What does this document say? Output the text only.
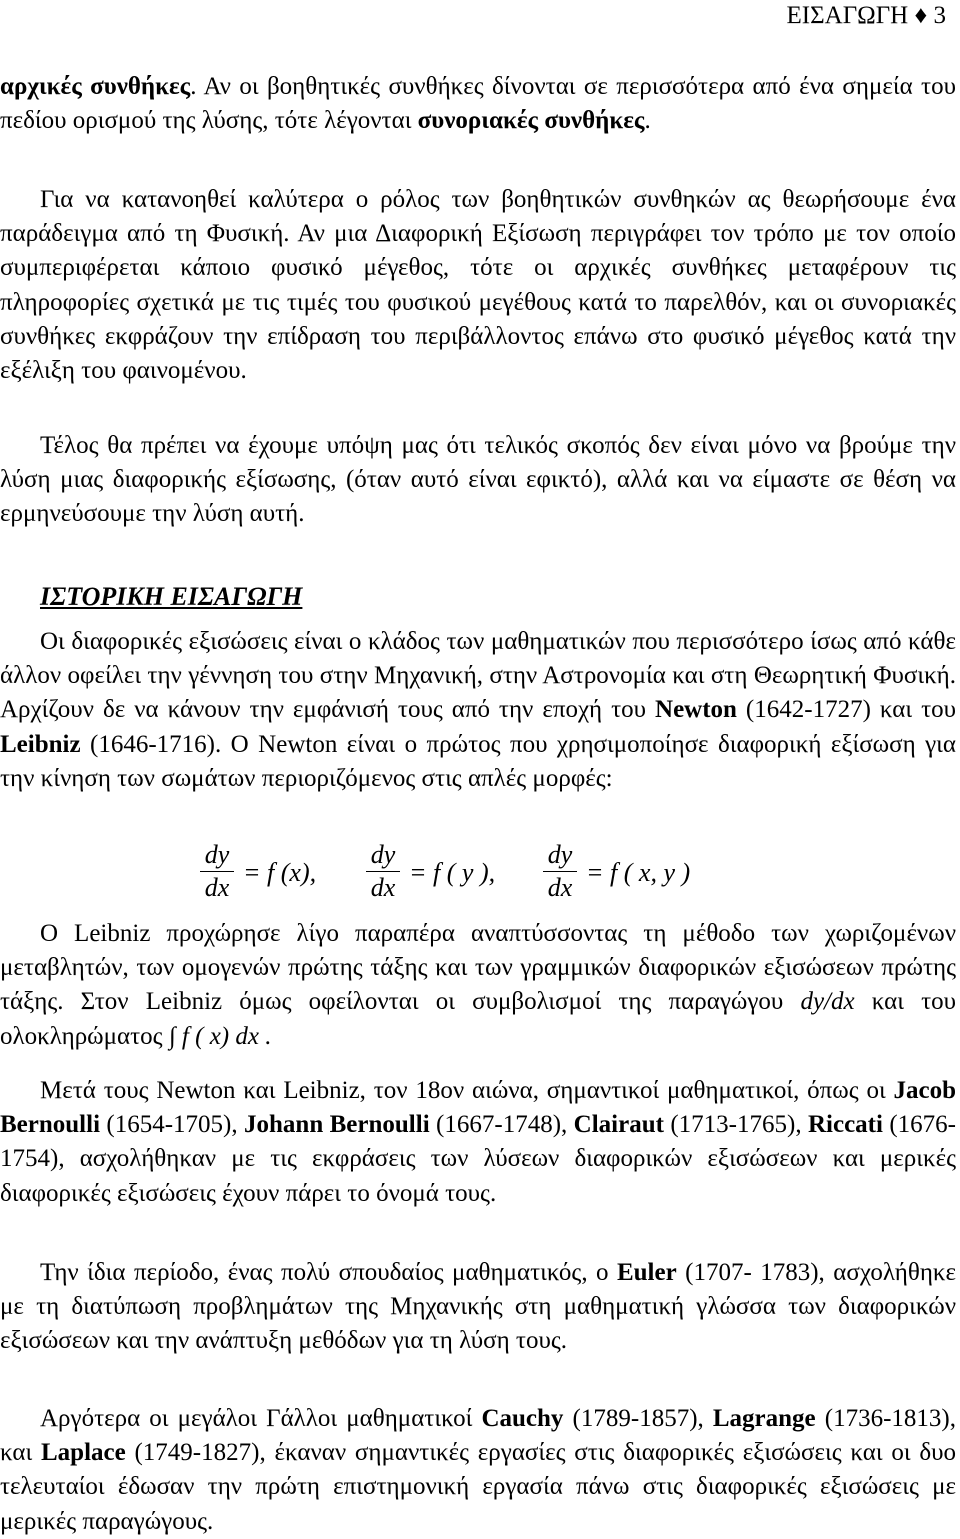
ΕΙΣΑΓΩΓΗ ♦ 3
αρχικές συνθήκες. Αν οι βοηθητικές συνθήκες δίνονται σε περισσότερα από ένα σημεία του πεδίου ορισμού της λύσης, τότε λέγονται συνοριακές συνθήκες.
Για να κατανοηθεί καλύτερα ο ρόλος των βοηθητικών συνθηκών ας θεωρήσουμε ένα παράδειγμα από τη Φυσική. Αν μια Διαφορική Εξίσωση περιγράφει τον τρόπο με τον οποίο συμπεριφέρεται κάποιο φυσικό μέγεθος, τότε οι αρχικές συνθήκες μεταφέρουν τις πληροφορίες σχετικά με τις τιμές του φυσικού μεγέθους κατά το παρελθόν, και οι συνοριακές συνθήκες εκφράζουν την επίδραση του περιβάλλοντος επάνω στο φυσικό μέγεθος κατά την εξέλιξη του φαινομένου.
Τέλος θα πρέπει να έχουμε υπόψη μας ότι τελικός σκοπός δεν είναι μόνο να βρούμε την λύση μιας διαφορικής εξίσωσης, (όταν αυτό είναι εφικτό), αλλά και να είμαστε σε θέση να ερμηνεύσουμε την λύση αυτή.
ΙΣΤΟΡΙΚΗ ΕΙΣΑΓΩΓΗ
Οι διαφορικές εξισώσεις είναι ο κλάδος των μαθηματικών που περισσότερο ίσως από κάθε άλλον οφείλει την γέννηση του στην Μηχανική, στην Αστρονομία και στη Θεωρητική Φυσική. Αρχίζουν δε να κάνουν την εμφάνισή τους από την εποχή του Newton (1642-1727) και του Leibniz (1646-1716). Ο Newton είναι ο πρώτος που χρησιμοποίησε διαφορική εξίσωση για την κίνηση των σωμάτων περιοριζόμενος στις απλές μορφές:
dy
dx
= f (x),
dy
dx
= f ( y ),
dy
dx
= f ( x, y )
Ο Leibniz προχώρησε λίγο παραπέρα αναπτύσσοντας τη μέθοδο των χωριζομένων μεταβλητών, των ομογενών πρώτης τάξης και των γραμμικών διαφορικών εξισώσεων πρώτης τάξης. Στον Leibniz όμως οφείλονται οι συμβολισμοί της παραγώγου dy/dx και του ολοκληρώματος ∫ f ( x) dx .
Μετά τους Newton και Leibniz, τον 18ον αιώνα, σημαντικοί μαθηματικοί, όπως οι Jacob Bernoulli (1654-1705), Johann Bernoulli (1667-1748), Clairaut (1713-1765), Riccati (1676-1754), ασχολήθηκαν με τις εκφράσεις των λύσεων διαφορικών εξισώσεων και μερικές διαφορικές εξισώσεις έχουν πάρει το όνομά τους.
Την ίδια περίοδο, ένας πολύ σπουδαίος μαθηματικός, ο Euler (1707- 1783), ασχολήθηκε με τη διατύπωση προβλημάτων της Μηχανικής στη μαθηματική γλώσσα των διαφορικών εξισώσεων και την ανάπτυξη μεθόδων για τη λύση τους.
Αργότερα οι μεγάλοι Γάλλοι μαθηματικοί Cauchy (1789-1857), Lagrange (1736-1813), και Laplace (1749-1827), έκαναν σημαντικές εργασίες στις διαφορικές εξισώσεις και οι δυο τελευταίοι έδωσαν την πρώτη επιστημονική εργασία πάνω στις διαφορικές εξισώσεις με μερικές παραγώγους.
